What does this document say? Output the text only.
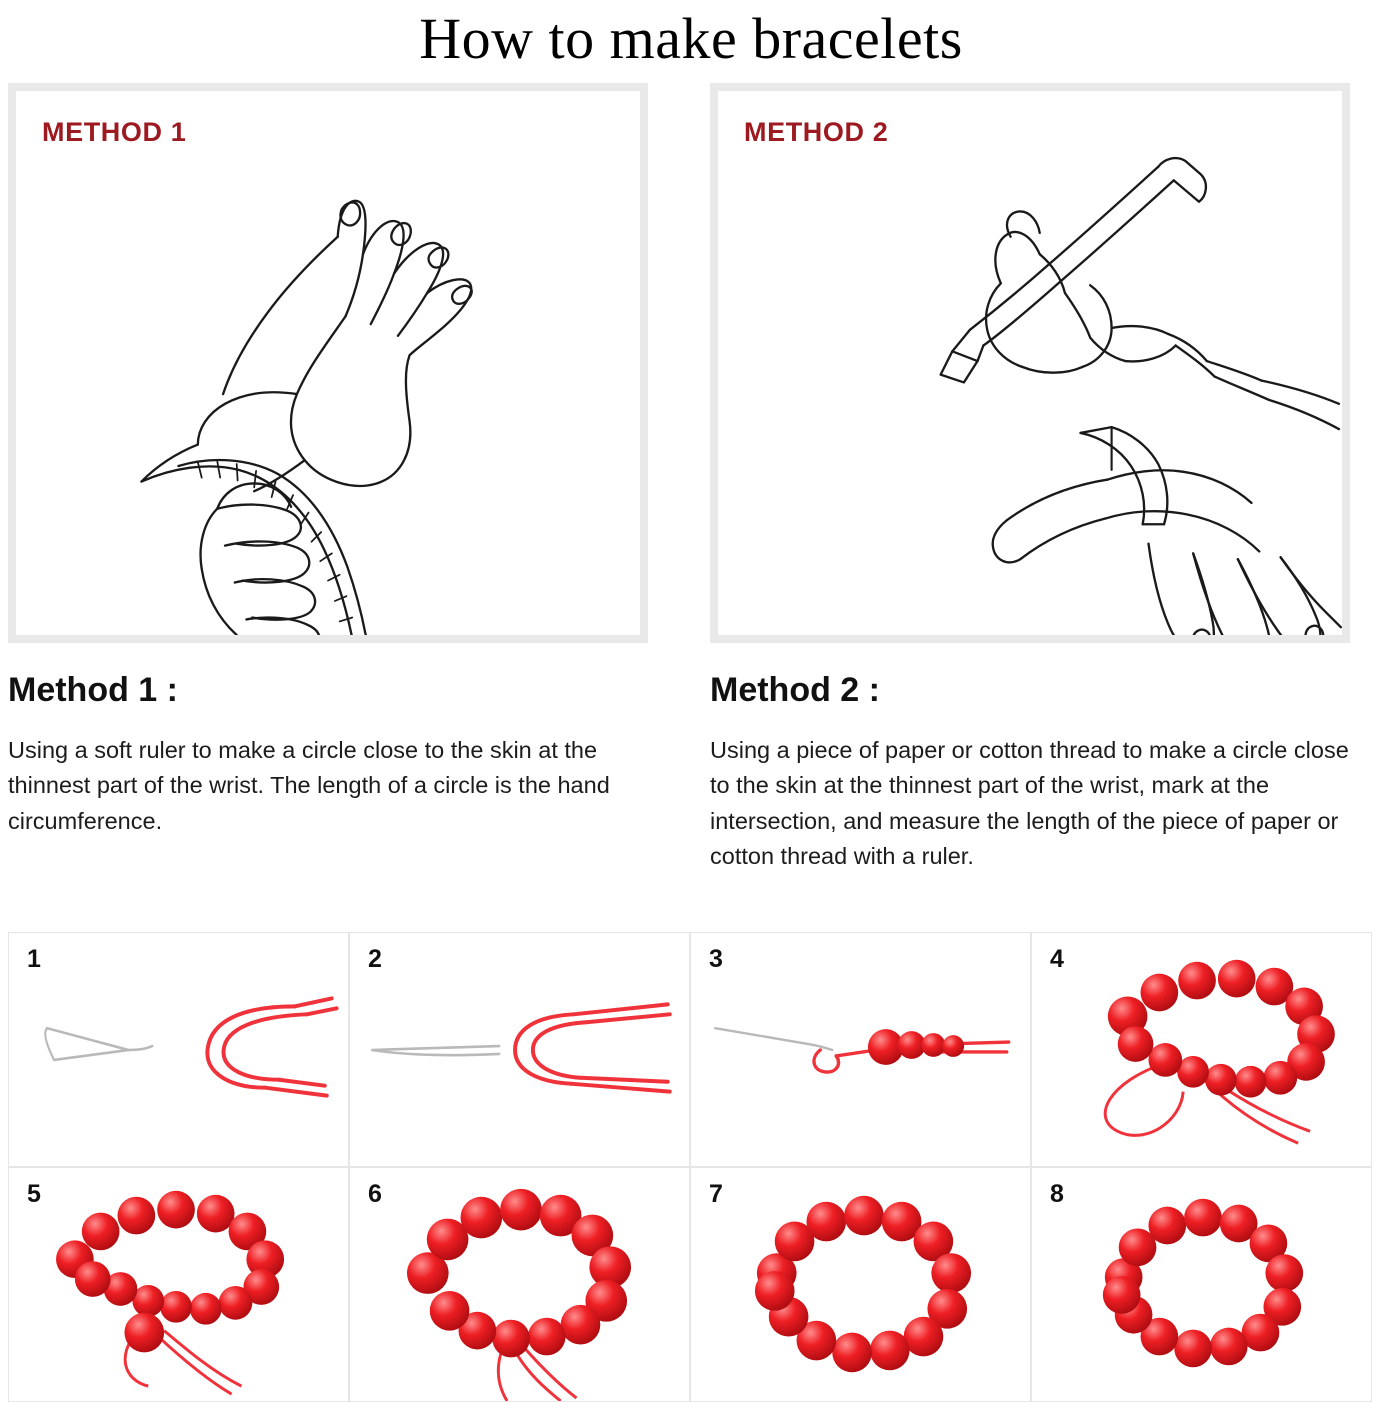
How to make bracelets
METHOD 1
Method 1 :

Using a soft ruler to make a circle close to the skin at the thinnest part of the wrist. The length of a circle is the hand circumference.

METHOD 2
Method 2 :

Using a piece of paper or cotton thread to make a circle close to the skin at the thinnest part of the wrist, mark at the intersection, and measure the length of the piece of paper or cotton thread with a ruler.

1	2	3	4
5	6	7	8
